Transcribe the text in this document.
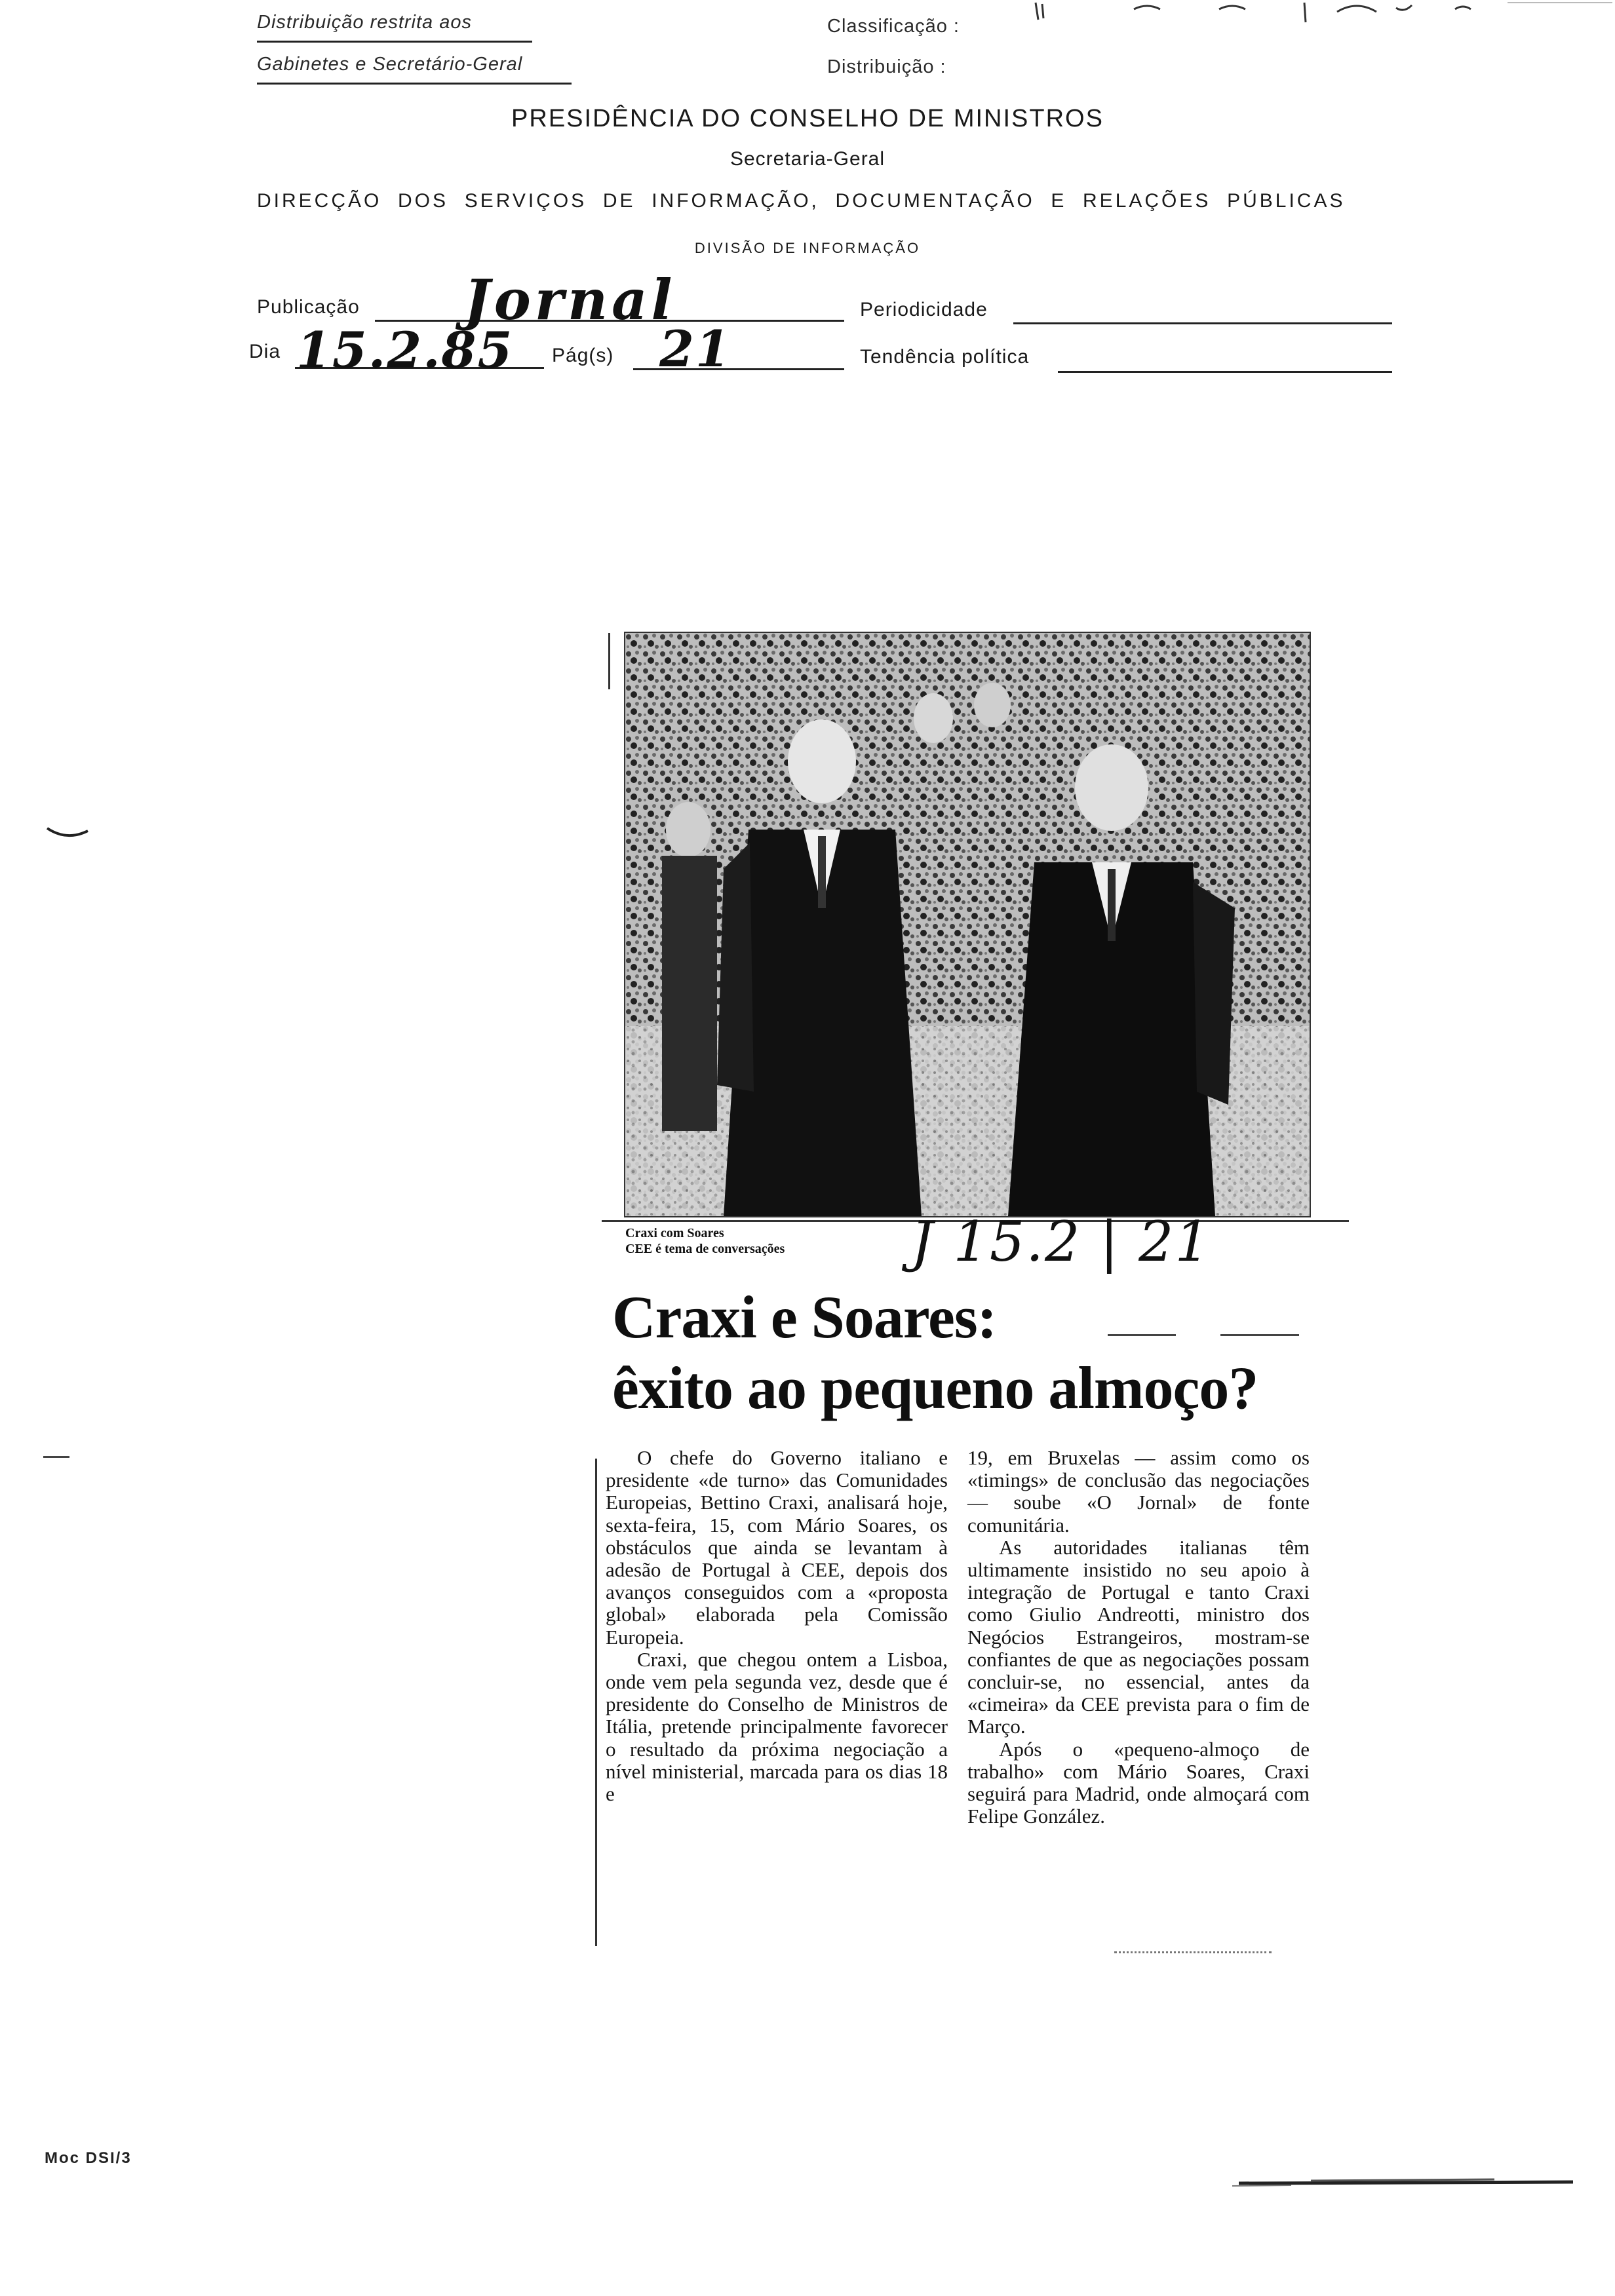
Distribuição restrita aos
Gabinetes e Secretário-Geral
Classificação :
Distribuição :
PRESIDÊNCIA DO CONSELHO DE MINISTROS
Secretaria-Geral
DIRECÇÃO  DOS  SERVIÇOS  DE  INFORMAÇÃO,  DOCUMENTAÇÃO  E  RELAÇÕES  PÚBLICAS
DIVISÃO DE INFORMAÇÃO
Publicação Jornal	Periodicidade
Dia 15.2.85 Pág(s) 21	Tendência política
Craxi com Soares
CEE é tema de conversações J 15.2 | 21
Craxi e Soares:
êxito ao pequeno almoço?

O chefe do Governo italiano e presidente «de turno» das Comunidades Europeias, Bettino Craxi, analisará hoje, sexta-feira, 15, com Mário Soares, os obstáculos que ainda se levantam à adesão de Portugal à CEE, depois dos avanços conseguidos com a «proposta global» elaborada pela Comissão Europeia.

Craxi, que chegou ontem a Lisboa, onde vem pela segunda vez, desde que é presidente do Conselho de Ministros de Itália, pretende principalmente favorecer o resultado da próxima negociação a nível ministerial, marcada para os dias 18 e

19, em Bruxelas — assim como os «timings» de conclusão das negociações — soube «O Jornal» de fonte comunitária.

As autoridades italianas têm ultimamente insistido no seu apoio à integração de Portugal e tanto Craxi como Giulio Andreotti, ministro dos Negócios Estrangeiros, mostram-se confiantes de que as negociações possam concluir-se, no essencial, antes da «cimeira» da CEE prevista para o fim de Março.

Após o «pequeno-almoço de trabalho» com Mário Soares, Craxi seguirá para Madrid, onde almoçará com Felipe González.

Moc DSI/3
